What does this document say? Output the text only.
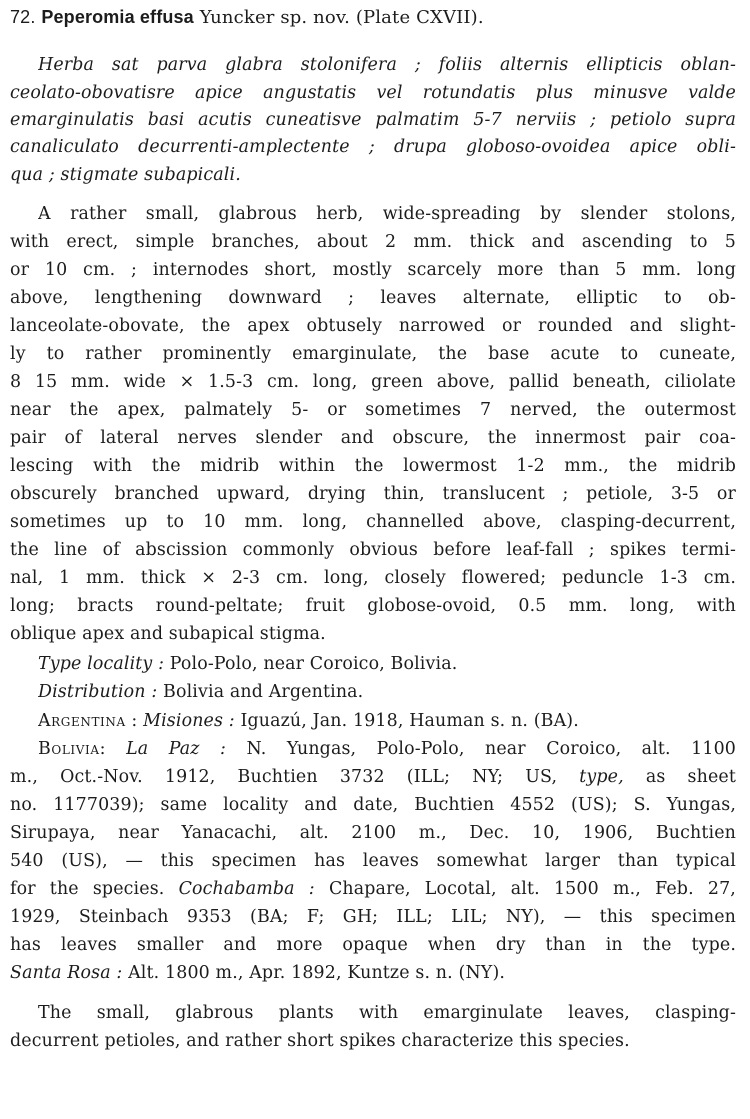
72. Peperomia effusa Yuncker sp. nov. (Plate CXVII).
Herba sat parva glabra stolonifera ; foliis alternis ellipticis oblan-
ceolato-obovatisre apice angustatis vel rotundatis plus minusve valde
emarginulatis basi acutis cuneatisve palmatim 5-7 nerviis ; petiolo supra
canaliculato decurrenti-amplectente ; drupa globoso-ovoidea apice obli-
qua ; stigmate subapicali.
A rather small, glabrous herb, wide-spreading by slender stolons,
with erect, simple branches, about 2 mm. thick and ascending to 5
or 10 cm. ; internodes short, mostly scarcely more than 5 mm. long
above, lengthening downward ; leaves alternate, elliptic to ob-
lanceolate-obovate, the apex obtusely narrowed or rounded and slight-
ly to rather prominently emarginulate, the base acute to cuneate,
8 15 mm. wide × 1.5-3 cm. long, green above, pallid beneath, ciliolate
near the apex, palmately 5- or sometimes 7 nerved, the outermost
pair of lateral nerves slender and obscure, the innermost pair coa-
lescing with the midrib within the lowermost 1-2 mm., the midrib
obscurely branched upward, drying thin, translucent ; petiole, 3-5 or
sometimes up to 10 mm. long, channelled above, clasping-decurrent,
the line of abscission commonly obvious before leaf-fall ; spikes termi-
nal, 1 mm. thick × 2-3 cm. long, closely flowered; peduncle 1-3 cm.
long; bracts round-peltate; fruit globose-ovoid, 0.5 mm. long, with
oblique apex and subapical stigma.
Type locality : Polo-Polo, near Coroico, Bolivia.
Distribution : Bolivia and Argentina.
Argentina : Misiones : Iguazú, Jan. 1918, Hauman s. n. (BA).
Bolivia: La Paz : N. Yungas, Polo-Polo, near Coroico, alt. 1100
m., Oct.-Nov. 1912, Buchtien 3732 (ILL; NY; US, type, as sheet
no. 1177039); same locality and date, Buchtien 4552 (US); S. Yungas,
Sirupaya, near Yanacachi, alt. 2100 m., Dec. 10, 1906, Buchtien
540 (US), — this specimen has leaves somewhat larger than typical
for the species. Cochabamba : Chapare, Locotal, alt. 1500 m., Feb. 27,
1929, Steinbach 9353 (BA; F; GH; ILL; LIL; NY), — this specimen
has leaves smaller and more opaque when dry than in the type.
Santa Rosa : Alt. 1800 m., Apr. 1892, Kuntze s. n. (NY).
The small, glabrous plants with emarginulate leaves, clasping-
decurrent petioles, and rather short spikes characterize this species.
